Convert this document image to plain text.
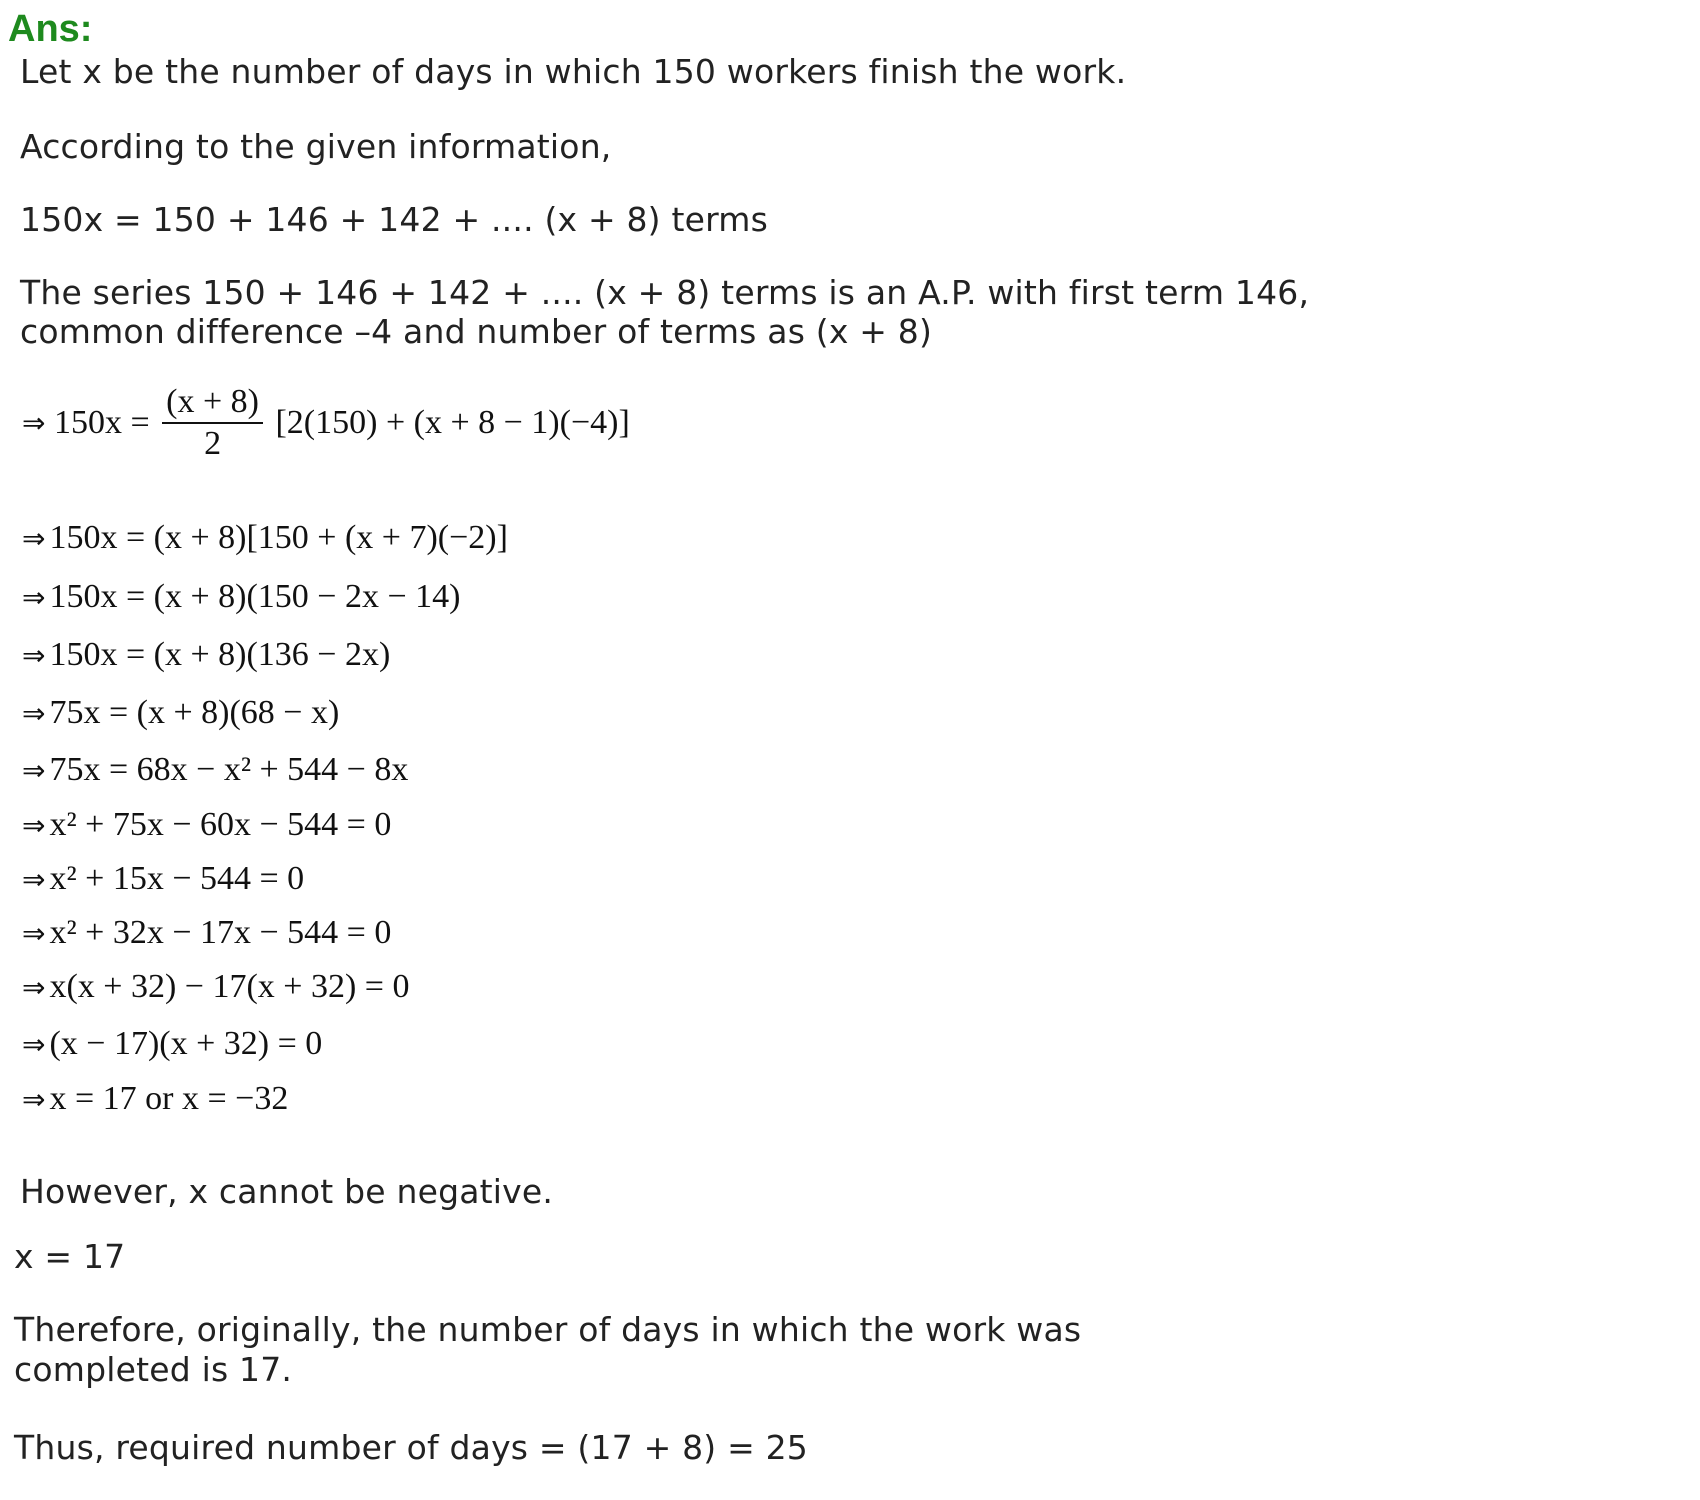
Ans:

Let x be the number of days in which 150 workers finish the work.

According to the given information,

150x = 150 + 146 + 142 + .... (x + 8) terms

The series 150 + 146 + 142 + .... (x + 8) terms is an A.P. with first term 146,

common difference –4 and number of terms as (x + 8)

⇒ $150x = \frac{(x + 8)}{2} [2(150) + (x + 8 - 1)(-4)]$
⇒ 150x = (x + 8)[150 + (x + 7)(−2)]
⇒ 150x = (x + 8)(150 − 2x − 14)
⇒ 150x = (x + 8)(136 − 2x)
⇒ 75x = (x + 8)(68 − x)
⇒ 75x = 68x − x² + 544 − 8x
⇒ x² + 75x − 60x − 544 = 0
⇒ x² + 15x − 544 = 0
⇒ x² + 32x − 17x − 544 = 0
⇒ x(x + 32) − 17(x + 32) = 0
⇒ (x − 17)(x + 32) = 0
⇒ x = 17 or x = −32

However, x cannot be negative.

x = 17

Therefore, originally, the number of days in which the work was

completed is 17.

Thus, required number of days = (17 + 8) = 25
